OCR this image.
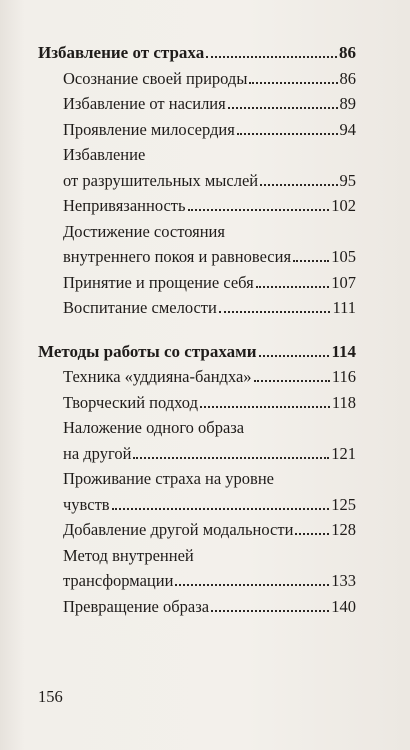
Избавление от страха	86
Осознание своей природы	86
Избавление от насилия	89
Проявление милосердия	94
Избавление
от разрушительных мыслей	95
Непривязанность	102
Достижение состояния
внутреннего покоя и равновесия 105
Принятие и прощение себя	107
Воспитание смелости	111
Методы работы со страхами	114
Техника «уддияна-бандха»	116
Творческий подход	118
Наложение одного образа
на другой	121
Проживание страха на уровне
чувств	125
Добавление другой модальности 128
Метод внутренней
трансформации	133
Превращение образа	140
156
